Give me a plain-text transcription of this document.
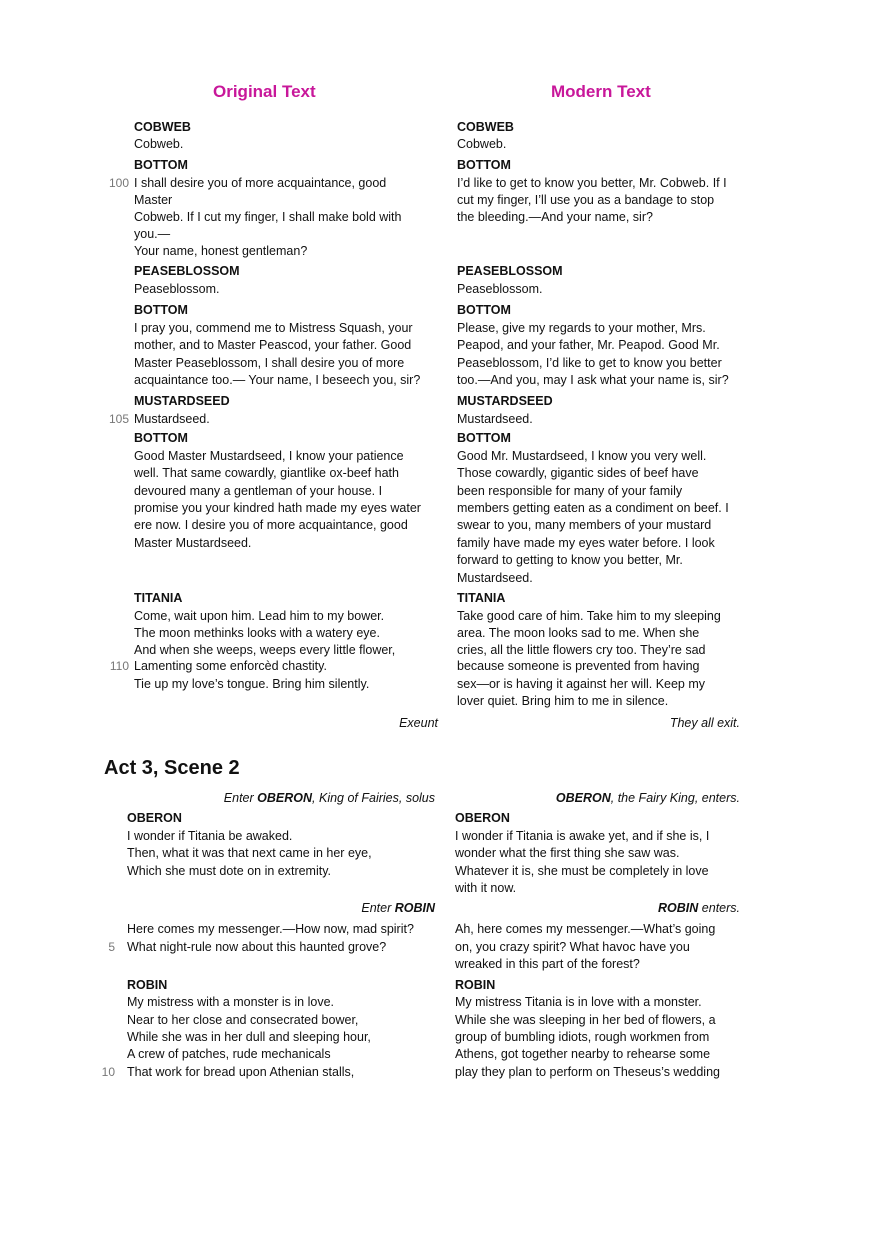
Original Text	Modern Text
COBWEB
Cobweb.
BOTTOM
100 I shall desire you of more acquaintance, good
Master
Cobweb. If I cut my finger, I shall make bold with
you.—
Your name, honest gentleman?
PEASEBLOSSOM
Peaseblossom.
BOTTOM
I pray you, commend me to Mistress Squash, your
mother, and to Master Peascod, your father. Good
Master Peaseblossom, I shall desire you of more
acquaintance too.— Your name, I beseech you, sir?
MUSTARDSEED
105 Mustardseed.
BOTTOM
Good Master Mustardseed, I know your patience
well. That same cowardly, giantlike ox-beef hath
devoured many a gentleman of your house. I
promise you your kindred hath made my eyes water
ere now. I desire you of more acquaintance, good
Master Mustardseed.
TITANIA
Come, wait upon him. Lead him to my bower.
The moon methinks looks with a watery eye.
And when she weeps, weeps every little flower,
110 Lamenting some enforcèd chastity.
Tie up my love’s tongue. Bring him silently.
Exeunt
COBWEB
Cobweb.
BOTTOM
I’d like to get to know you better, Mr. Cobweb. If I
cut my finger, I’ll use you as a bandage to stop
the bleeding.—And your name, sir?
PEASEBLOSSOM
Peaseblossom.
BOTTOM
Please, give my regards to your mother, Mrs.
Peapod, and your father, Mr. Peapod. Good Mr.
Peaseblossom, I’d like to get to know you better
too.—And you, may I ask what your name is, sir?
MUSTARDSEED
Mustardseed.
BOTTOM
Good Mr. Mustardseed, I know you very well.
Those cowardly, gigantic sides of beef have
been responsible for many of your family
members getting eaten as a condiment on beef. I
swear to you, many members of your mustard
family have made my eyes water before. I look
forward to getting to know you better, Mr.
Mustardseed.
TITANIA
Take good care of him. Take him to my sleeping
area. The moon looks sad to me. When she
cries, all the little flowers cry too. They’re sad
because someone is prevented from having
sex—or is having it against her will. Keep my
lover quiet. Bring him to me in silence.
They all exit.
Act 3, Scene 2
Enter OBERON, King of Fairies, solus
OBERON
I wonder if Titania be awaked.
Then, what it was that next came in her eye,
Which she must dote on in extremity.
Enter ROBIN
Here comes my messenger.—How now, mad spirit?
5 What night-rule now about this haunted grove?
ROBIN
My mistress with a monster is in love.
Near to her close and consecrated bower,
While she was in her dull and sleeping hour,
A crew of patches, rude mechanicals
10 That work for bread upon Athenian stalls,
OBERON, the Fairy King, enters.
OBERON
I wonder if Titania is awake yet, and if she is, I
wonder what the first thing she saw was.
Whatever it is, she must be completely in love
with it now.
ROBIN enters.
Ah, here comes my messenger.—What’s going
on, you crazy spirit? What havoc have you
wreaked in this part of the forest?
ROBIN
My mistress Titania is in love with a monster.
While she was sleeping in her bed of flowers, a
group of bumbling idiots, rough workmen from
Athens, got together nearby to rehearse some
play they plan to perform on Theseus’s wedding
